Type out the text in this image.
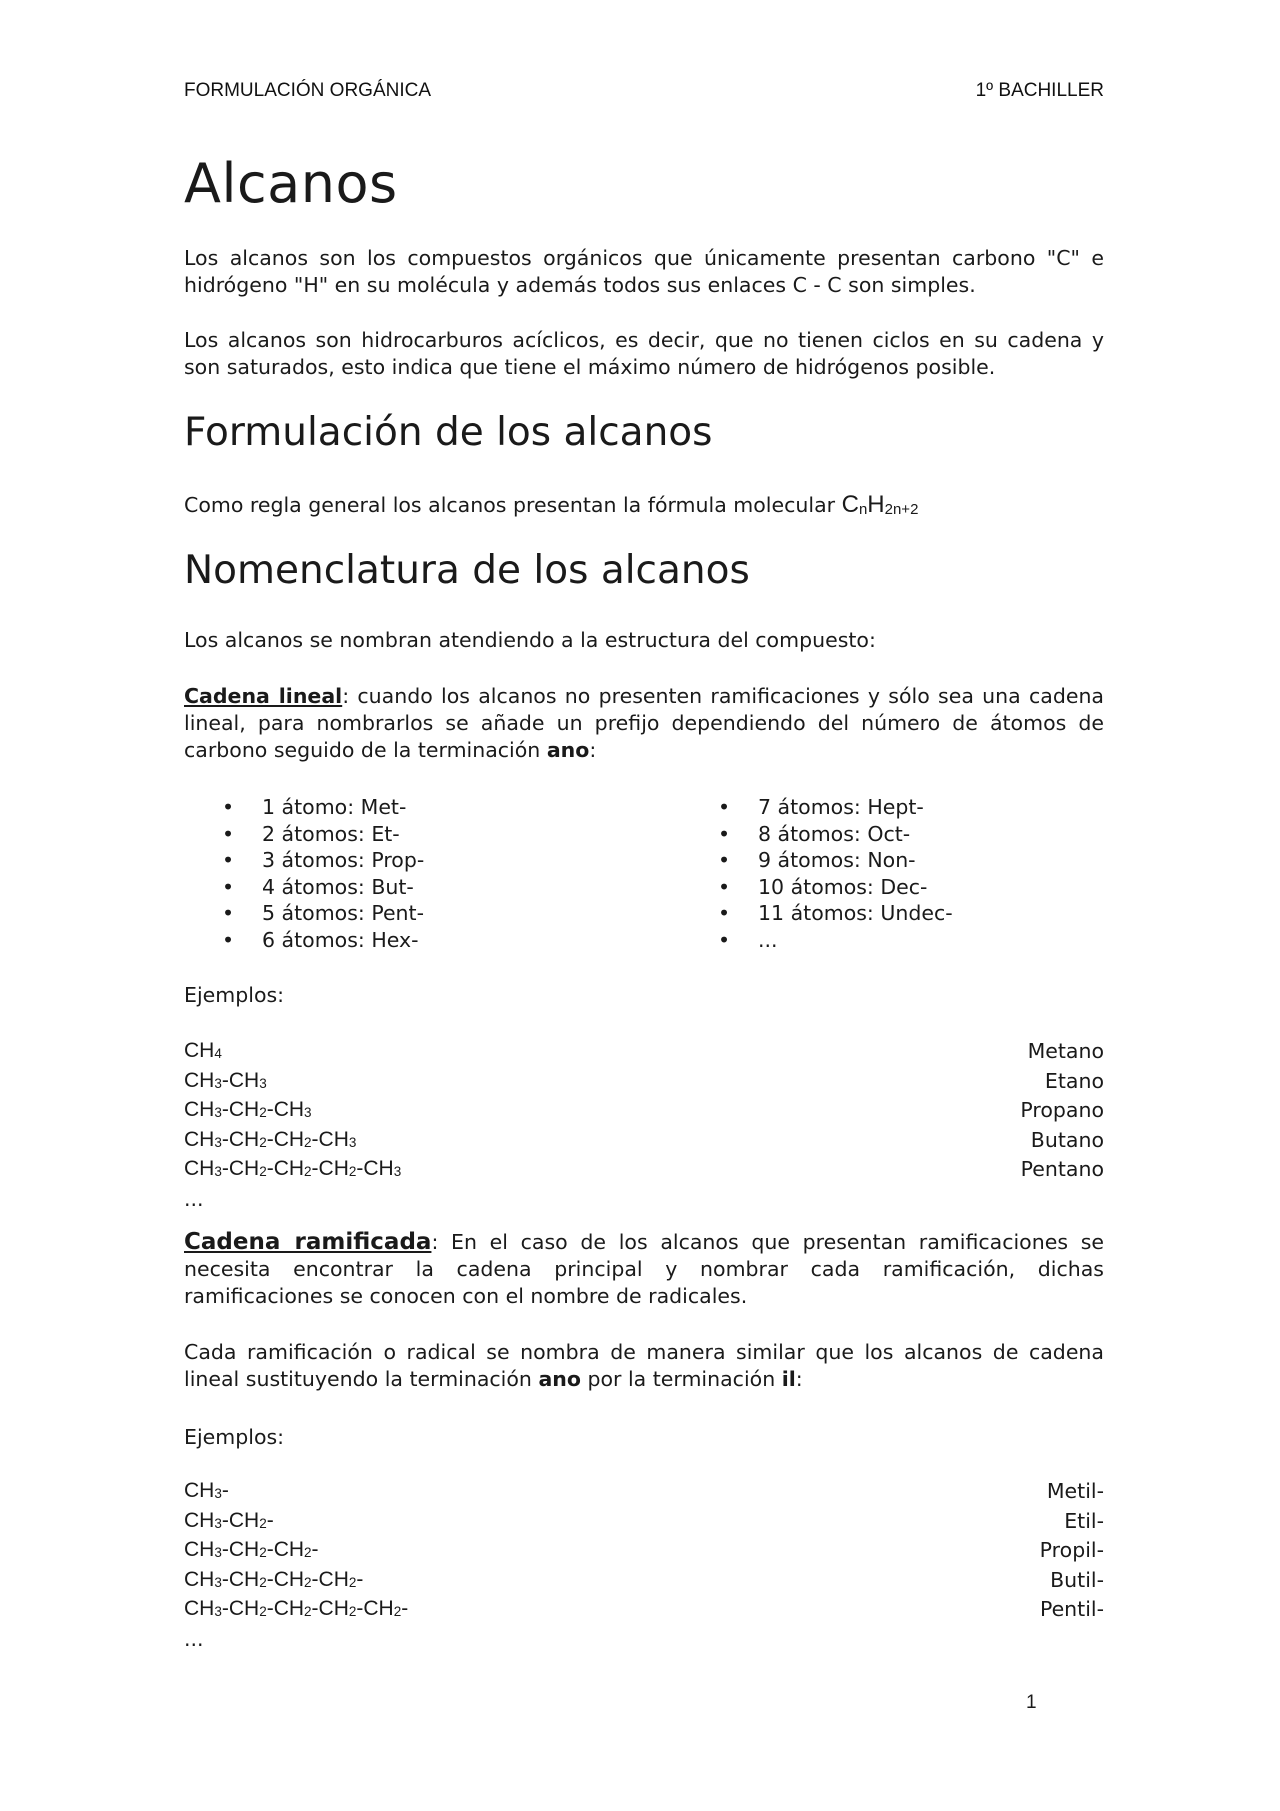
FORMULACIÓN ORGÁNICA	1º BACHILLER
Alcanos

Los alcanos son los compuestos orgánicos que únicamente presentan carbono "C" e hidrógeno "H" en su molécula y además todos sus enlaces C - C son simples.

Los alcanos son hidrocarburos acíclicos, es decir, que no tienen ciclos en su cadena y son saturados, esto indica que tiene el máximo número de hidrógenos posible.

Formulación de los alcanos

Como regla general los alcanos presentan la fórmula molecular $C_nH_{2n+2}$

Nomenclatura de los alcanos

Los alcanos se nombran atendiendo a la estructura del compuesto:

Cadena lineal: cuando los alcanos no presenten ramificaciones y sólo sea una cadena lineal, para nombrarlos se añade un prefijo dependiendo del número de átomos de carbono seguido de la terminación ano:

• 1 átomo: Met-
• 2 átomos: Et-
• 3 átomos: Prop-
• 4 átomos: But-
• 5 átomos: Pent-
• 6 átomos: Hex-
• 7 átomos: Hept-
• 8 átomos: Oct-
• 9 átomos: Non-
• 10 átomos: Dec-
• 11 átomos: Undec-
• ...

Ejemplos:

$CH_4$	Metano
$CH_3-CH_3$	Etano
$CH_3-CH_2-CH_3$	Propano
$CH_3-CH_2-CH_2-CH_3$	Butano
$CH_3-CH_2-CH_2-CH_2-CH_3$	Pentano
...

Cadena ramificada: En el caso de los alcanos que presentan ramificaciones se necesita encontrar la cadena principal y nombrar cada ramificación, dichas ramificaciones se conocen con el nombre de radicales.

Cada ramificación o radical se nombra de manera similar que los alcanos de cadena lineal sustituyendo la terminación ano por la terminación il:

Ejemplos:

$CH_3-$	Metil-
$CH_3-CH_2-$	Etil-
$CH_3-CH_2-CH_2-$	Propil-
$CH_3-CH_2-CH_2-CH_2-$	Butil-
$CH_3-CH_2-CH_2-CH_2-CH_2-$	Pentil-
...
1
